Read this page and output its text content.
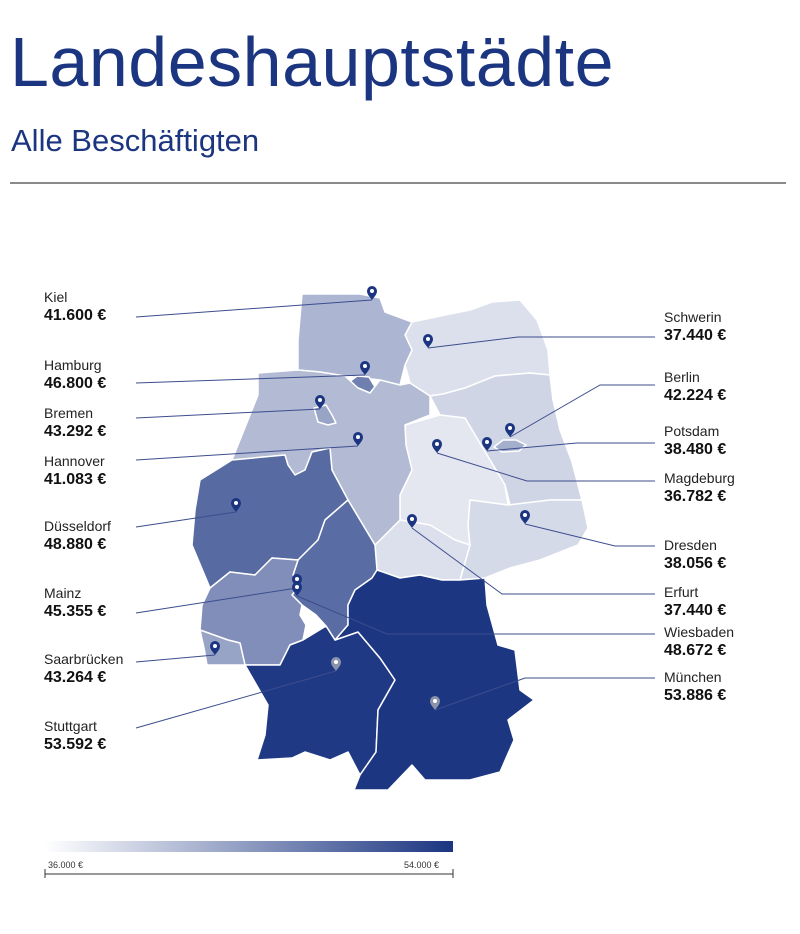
Landeshauptstädte
Alle Beschäftigten
Kiel
41.600 €
Hamburg
46.800 €
Bremen
43.292 €
Hannover
41.083 €
Düsseldorf
48.880 €
Mainz
45.355 €
Saarbrücken
43.264 €
Stuttgart
53.592 €
Schwerin
37.440 €
Berlin
42.224 €
Potsdam
38.480 €
Magdeburg
36.782 €
Dresden
38.056 €
Erfurt
37.440 €
Wiesbaden
48.672 €
München
53.886 €
36.000 €	54.000 €
